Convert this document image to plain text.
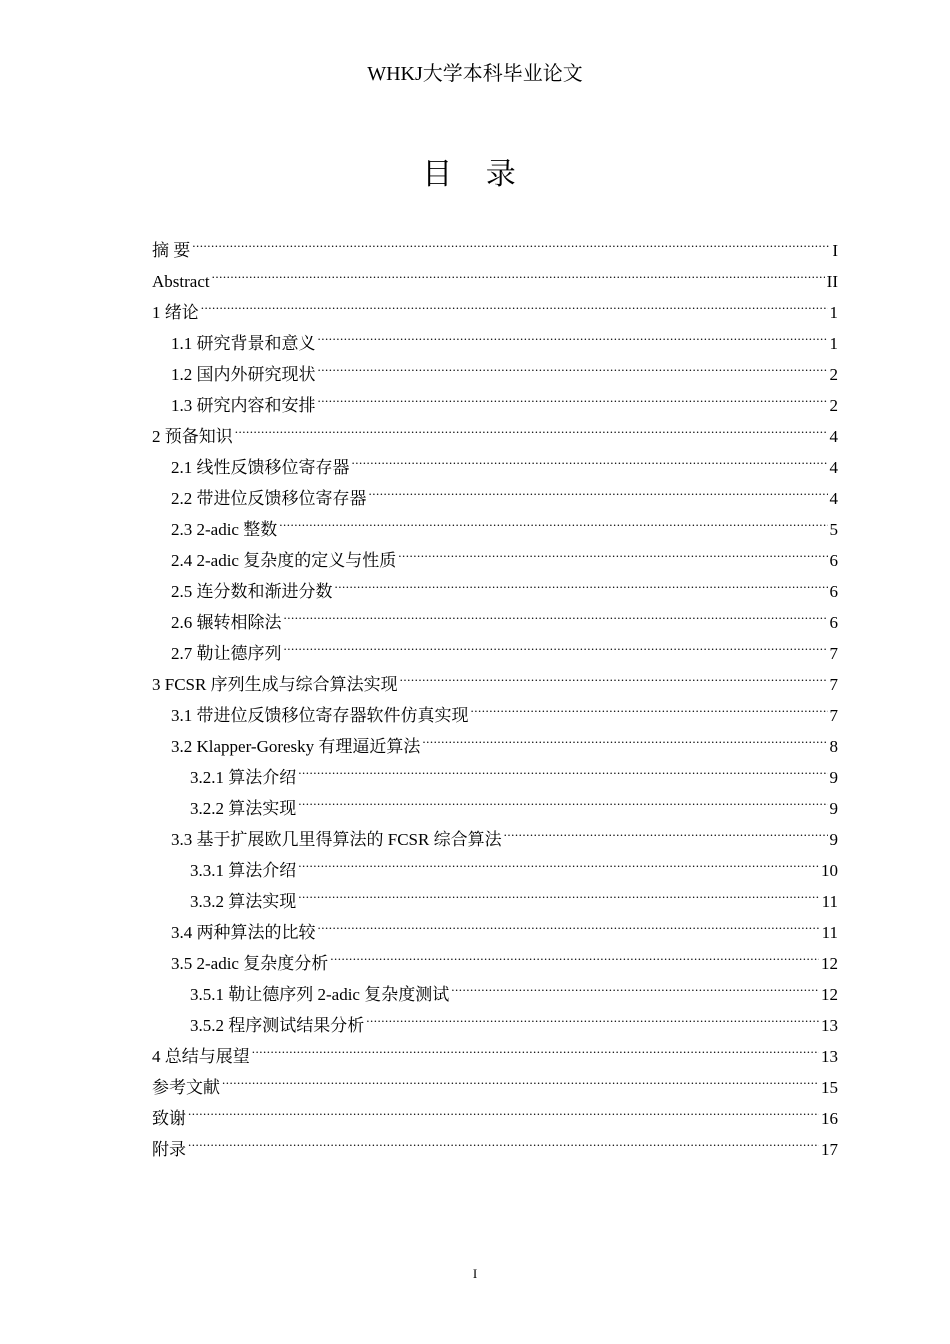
WHKJ大学本科毕业论文
目 录
摘 要 .....	I
Abstract .....	II
1 绪论 .....	1
1.1 研究背景和意义 .....	1
1.2 国内外研究现状 .....	2
1.3 研究内容和安排 .....	2
2 预备知识 .....	4
2.1 线性反馈移位寄存器 .....	4
2.2 带进位反馈移位寄存器 .....	4
2.3 2-adic 整数 .....	5
2.4 2-adic 复杂度的定义与性质 .....	6
2.5 连分数和渐进分数 .....	6
2.6 辗转相除法 .....	6
2.7 勒让德序列 .....	7
3 FCSR 序列生成与综合算法实现 .....	7
3.1 带进位反馈移位寄存器软件仿真实现 .....	7
3.2 Klapper-Goresky 有理逼近算法 .....	8
3.2.1 算法介绍 .....	9
3.2.2 算法实现 .....	9
3.3 基于扩展欧几里得算法的 FCSR 综合算法 .....	9
3.3.1 算法介绍 .....	10
3.3.2 算法实现 .....	11
3.4 两种算法的比较 .....	11
3.5 2-adic 复杂度分析 .....	12
3.5.1 勒让德序列 2-adic 复杂度测试 .....	12
3.5.2 程序测试结果分析 .....	13
4 总结与展望 .....	13
参考文献 .....	15
致谢 .....	16
附录 .....	17
I
